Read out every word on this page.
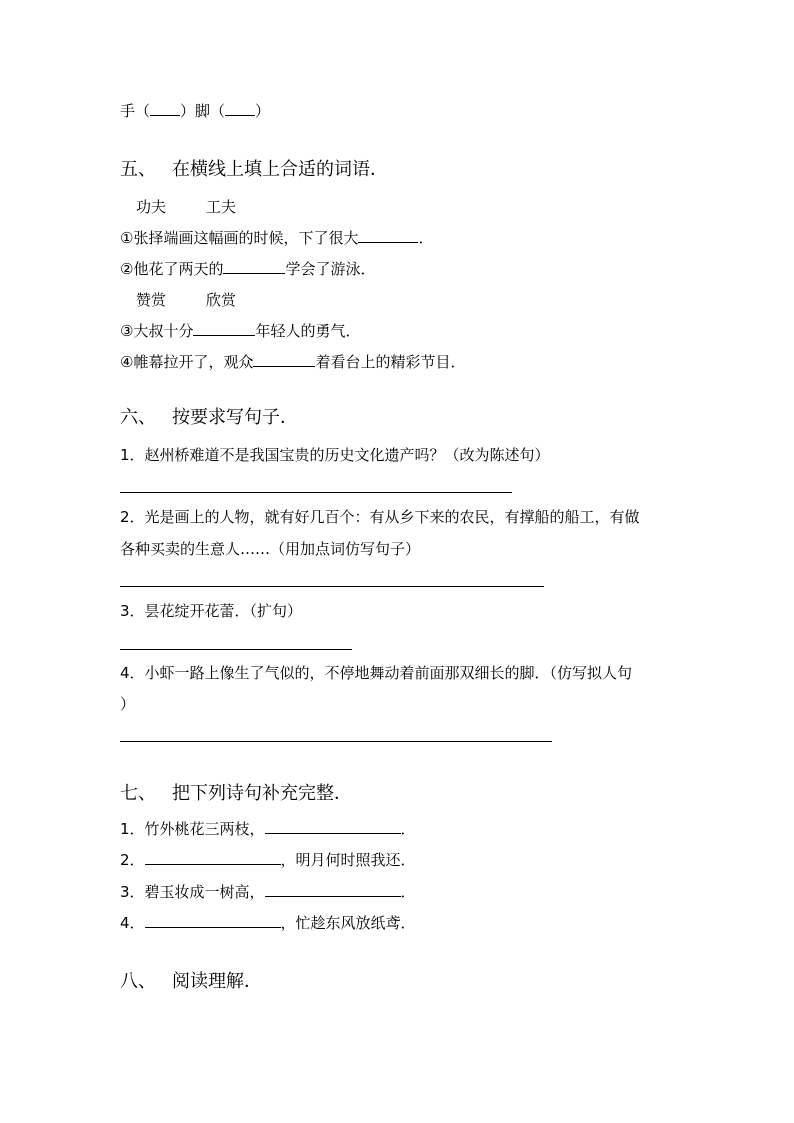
手（ ）脚（ ）
五、 在横线上填上合适的词语．
功夫	工夫
①张择端画这幅画的时候，下了很大	．
②他花了两天的	学会了游泳．
赞赏	欣赏
③大叔十分	年轻人的勇气．
④帷幕拉开了，观众	着看台上的精彩节目．
六、 按要求写句子．
1．赵州桥难道不是我国宝贵的历史文化遗产吗？（改为陈述句）
2．光是画上的人物，就有好几百个：有从乡下来的农民，有撑船的船工，有做
各种买卖的生意人……（用加点词仿写句子）
3．昙花绽开花蕾．（扩句）
4．小虾一路上像生了气似的，不停地舞动着前面那双细长的脚．（仿写拟人句
）
七、 把下列诗句补充完整．
1．竹外桃花三两枝，	．
2．	，明月何时照我还．
3．碧玉妆成一树高，	．
4．	，忙趁东风放纸鸢．
八、 阅读理解．
